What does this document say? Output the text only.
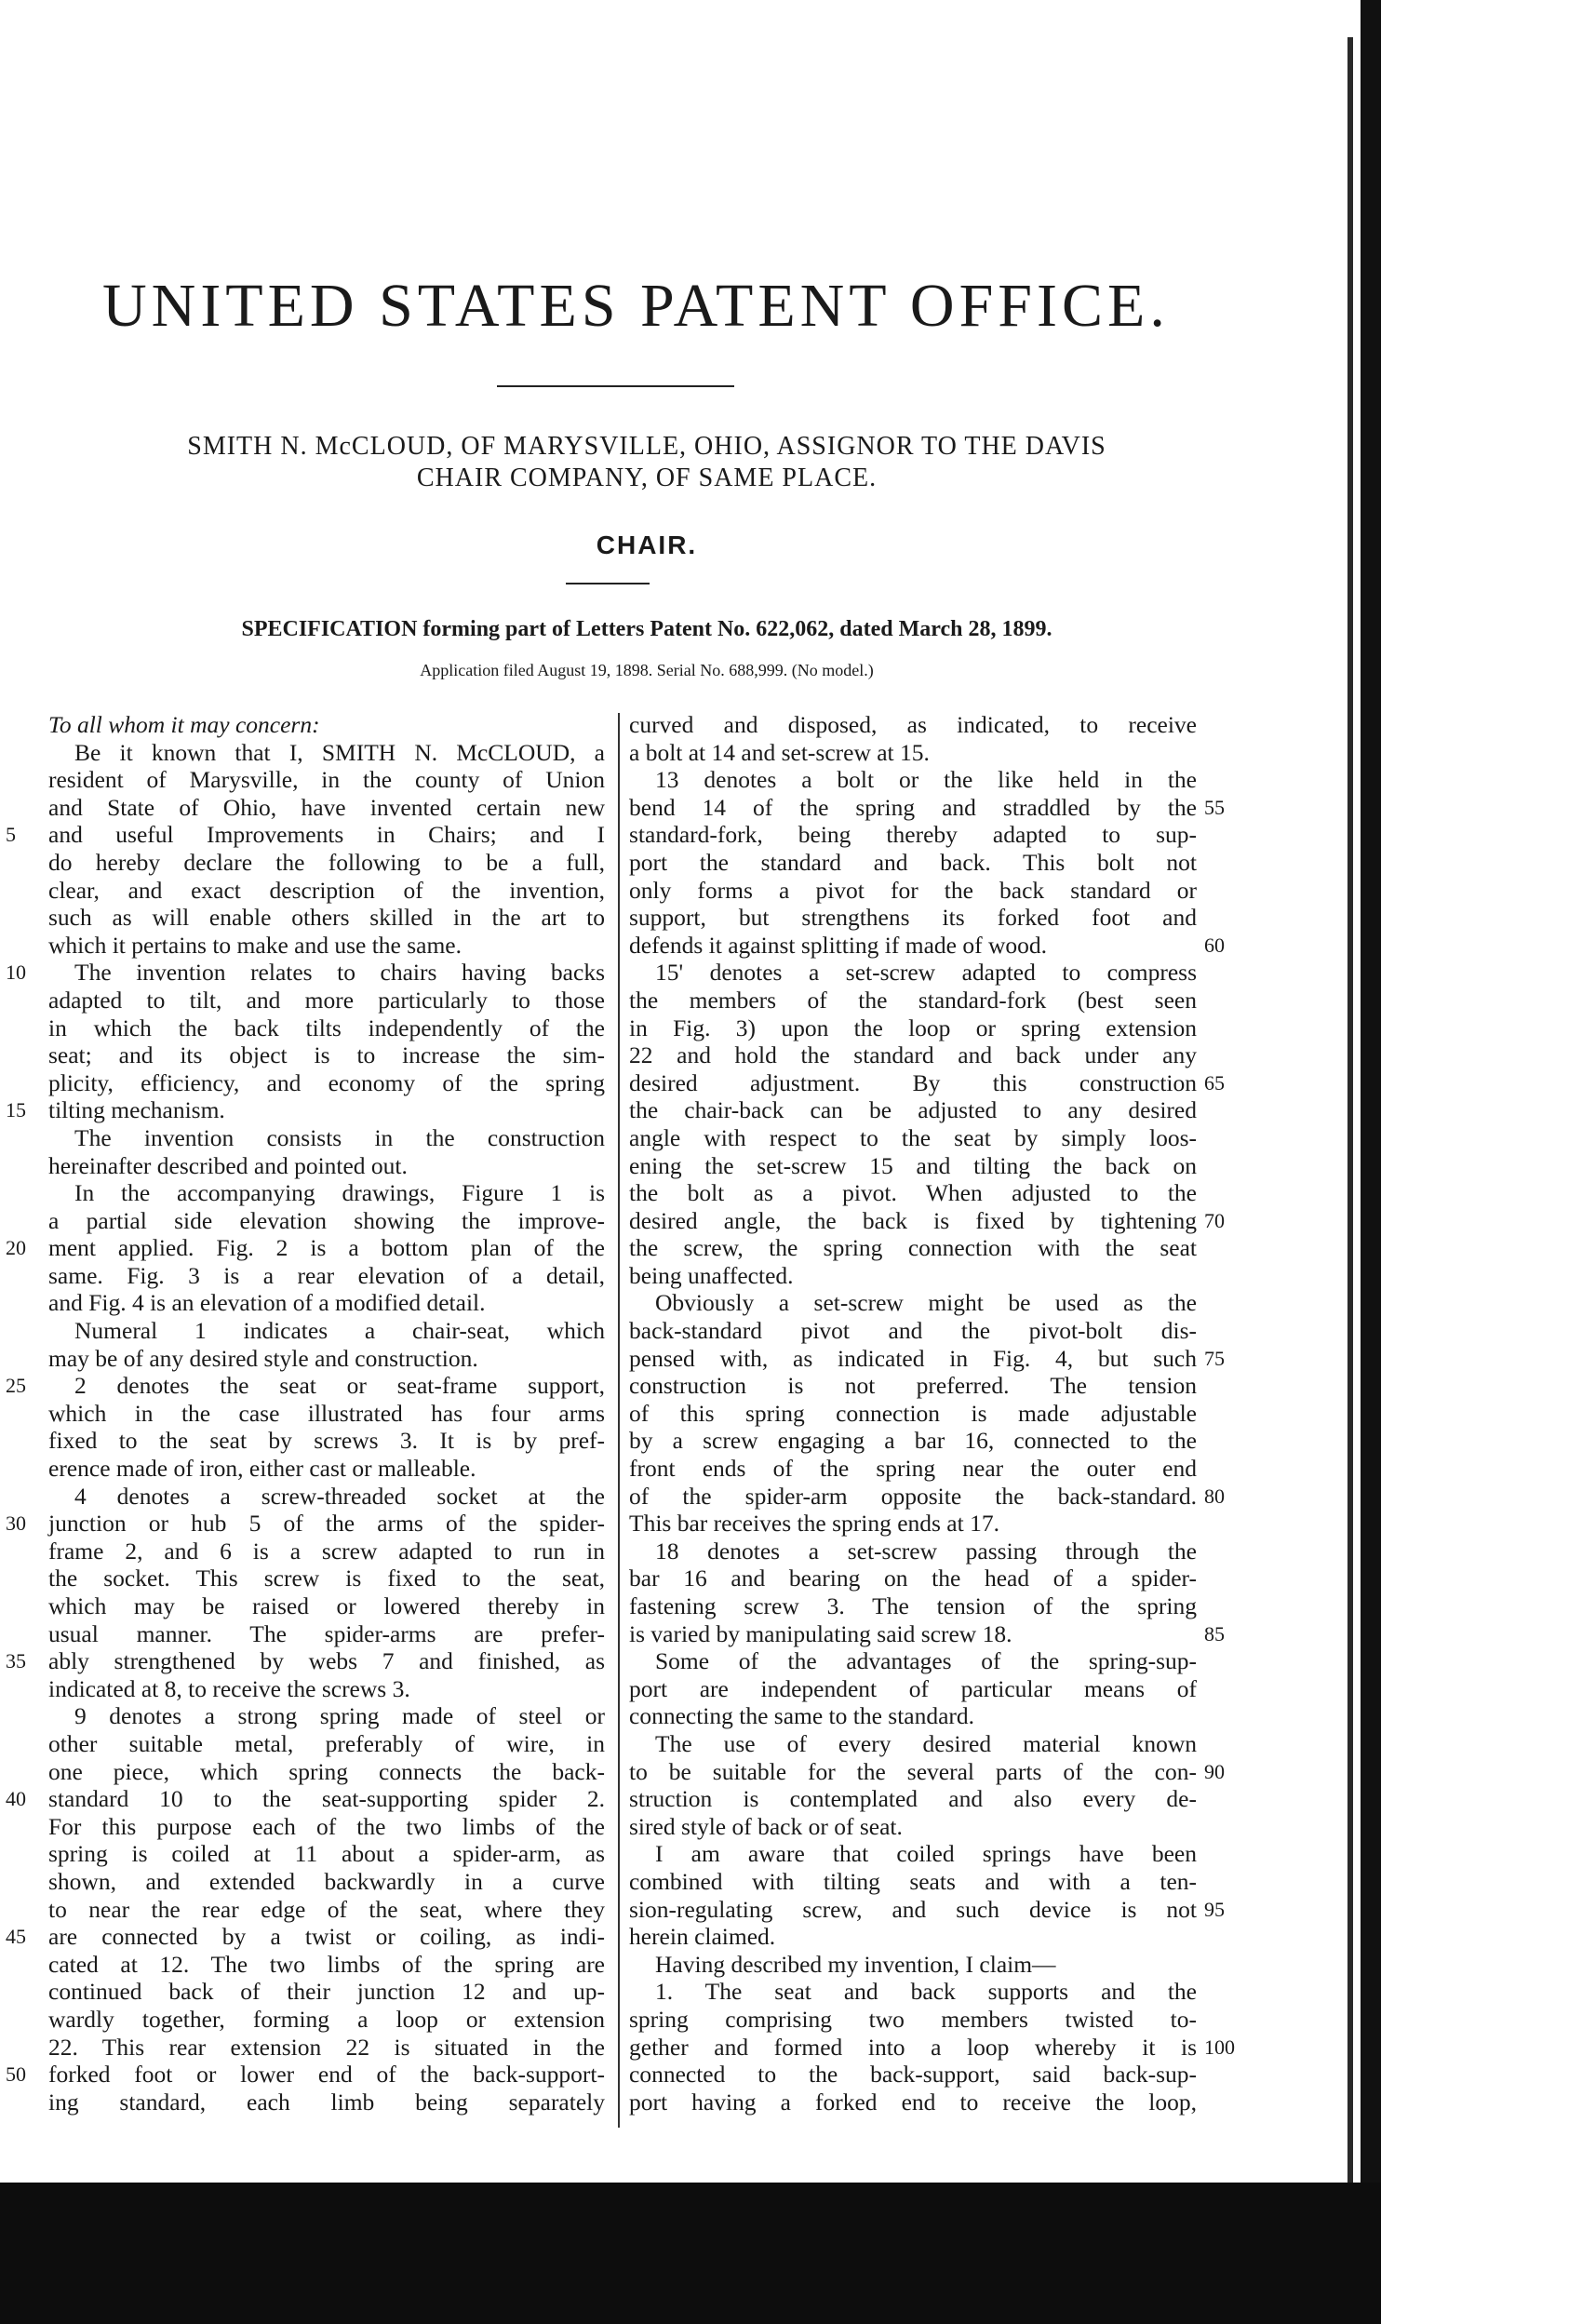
UNITED STATES PATENT OFFICE.
SMITH N. McCLOUD, OF MARYSVILLE, OHIO, ASSIGNOR TO THE DAVIS
CHAIR COMPANY, OF SAME PLACE.
CHAIR.
SPECIFICATION forming part of Letters Patent No. 622,062, dated March 28, 1899.
Application filed August 19, 1898. Serial No. 688,999. (No model.)
To all whom it may concern:
Be it known that I, SMITH N. McCLOUD, a
resident of Marysville, in the county of Union
and State of Ohio, have invented certain new
and useful Improvements in Chairs; and I
do hereby declare the following to be a full,
clear, and exact description of the invention,
such as will enable others skilled in the art to
which it pertains to make and use the same.
The invention relates to chairs having backs
adapted to tilt, and more particularly to those
in which the back tilts independently of the
seat; and its object is to increase the sim-
plicity, efficiency, and economy of the spring
tilting mechanism.
The invention consists in the construction
hereinafter described and pointed out.
In the accompanying drawings, Figure 1 is
a partial side elevation showing the improve-
ment applied. Fig. 2 is a bottom plan of the
same. Fig. 3 is a rear elevation of a detail,
and Fig. 4 is an elevation of a modified detail.
Numeral 1 indicates a chair-seat, which
may be of any desired style and construction.
2 denotes the seat or seat-frame support,
which in the case illustrated has four arms
fixed to the seat by screws 3. It is by pref-
erence made of iron, either cast or malleable.
4 denotes a screw-threaded socket at the
junction or hub 5 of the arms of the spider-
frame 2, and 6 is a screw adapted to run in
the socket. This screw is fixed to the seat,
which may be raised or lowered thereby in
usual manner. The spider-arms are prefer-
ably strengthened by webs 7 and finished, as
indicated at 8, to receive the screws 3.
9 denotes a strong spring made of steel or
other suitable metal, preferably of wire, in
one piece, which spring connects the back-
standard 10 to the seat-supporting spider 2.
For this purpose each of the two limbs of the
spring is coiled at 11 about a spider-arm, as
shown, and extended backwardly in a curve
to near the rear edge of the seat, where they
are connected by a twist or coiling, as indi-
cated at 12. The two limbs of the spring are
continued back of their junction 12 and up-
wardly together, forming a loop or extension
22. This rear extension 22 is situated in the
forked foot or lower end of the back-support-
ing standard, each limb being separately
curved and disposed, as indicated, to receive
a bolt at 14 and set-screw at 15.
13 denotes a bolt or the like held in the
bend 14 of the spring and straddled by the
standard-fork, being thereby adapted to sup-
port the standard and back. This bolt not
only forms a pivot for the back standard or
support, but strengthens its forked foot and
defends it against splitting if made of wood.
15' denotes a set-screw adapted to compress
the members of the standard-fork (best seen
in Fig. 3) upon the loop or spring extension
22 and hold the standard and back under any
desired adjustment. By this construction
the chair-back can be adjusted to any desired
angle with respect to the seat by simply loos-
ening the set-screw 15 and tilting the back on
the bolt as a pivot. When adjusted to the
desired angle, the back is fixed by tightening
the screw, the spring connection with the seat
being unaffected.
Obviously a set-screw might be used as the
back-standard pivot and the pivot-bolt dis-
pensed with, as indicated in Fig. 4, but such
construction is not preferred. The tension
of this spring connection is made adjustable
by a screw engaging a bar 16, connected to the
front ends of the spring near the outer end
of the spider-arm opposite the back-standard.
This bar receives the spring ends at 17.
18 denotes a set-screw passing through the
bar 16 and bearing on the head of a spider-
fastening screw 3. The tension of the spring
is varied by manipulating said screw 18.
Some of the advantages of the spring-sup-
port are independent of particular means of
connecting the same to the standard.
The use of every desired material known
to be suitable for the several parts of the con-
struction is contemplated and also every de-
sired style of back or of seat.
I am aware that coiled springs have been
combined with tilting seats and with a ten-
sion-regulating screw, and such device is not
herein claimed.
Having described my invention, I claim—
1. The seat and back supports and the
spring comprising two members twisted to-
gether and formed into a loop whereby it is
connected to the back-support, said back-sup-
port having a forked end to receive the loop,
5
10
15
20
25
30
35
40
45
50
55
60
65
70
75
80
85
90
95
100
